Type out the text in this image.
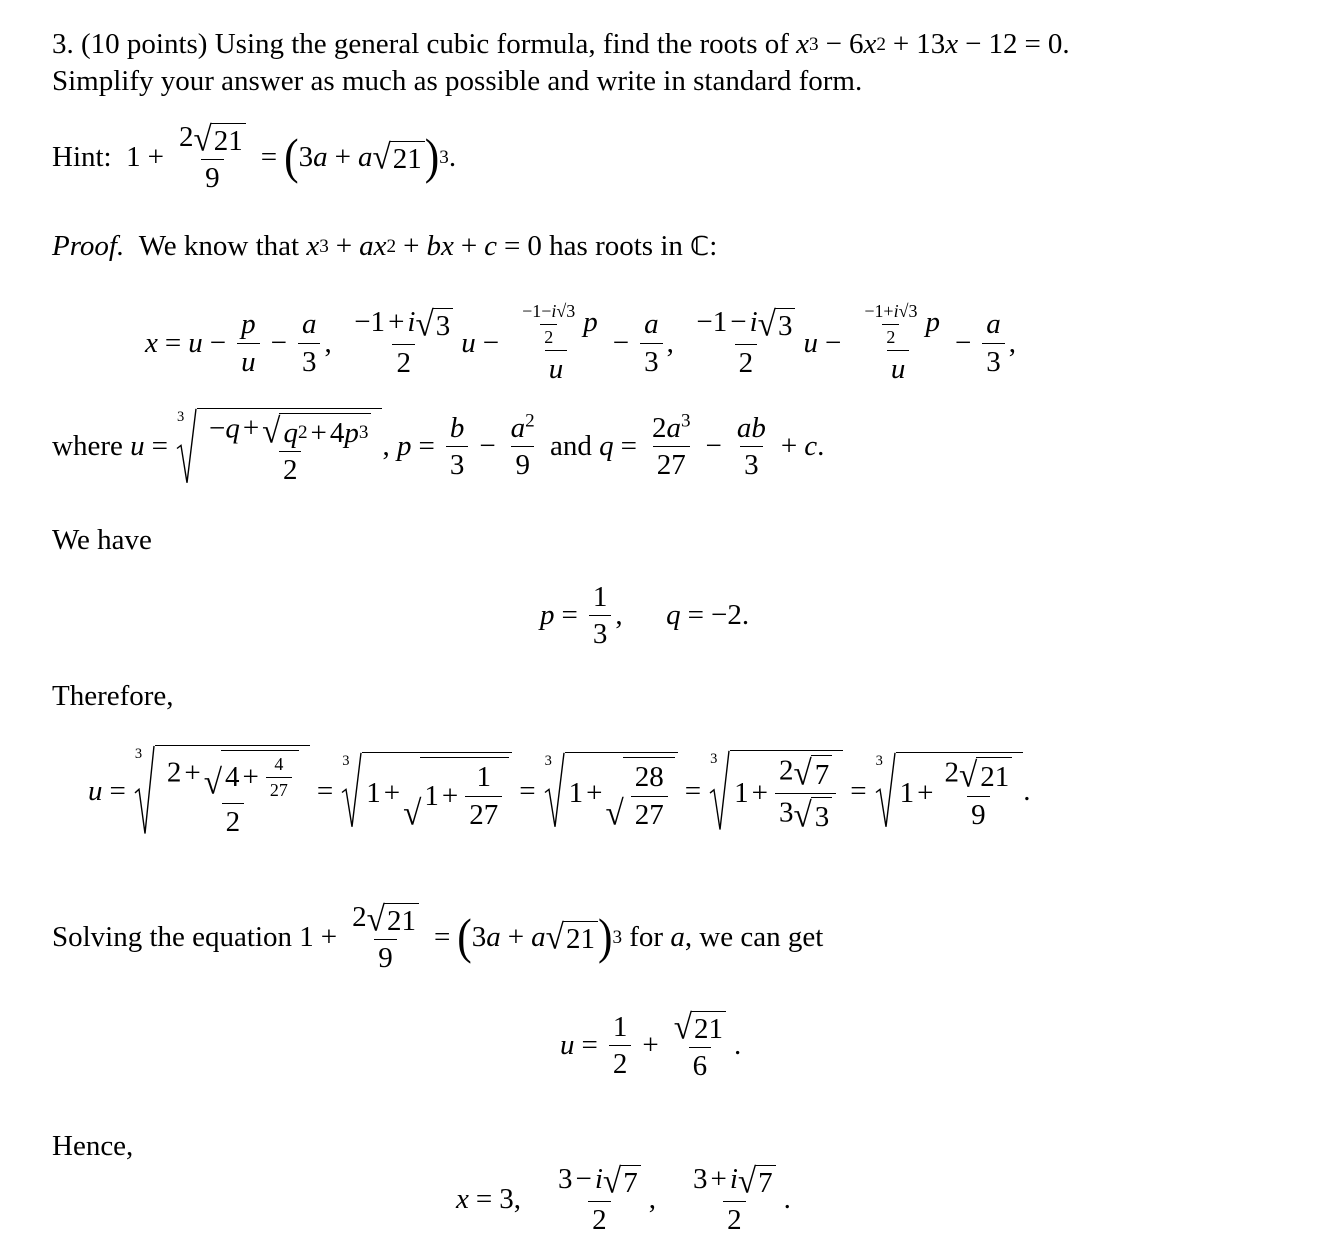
3. (10 points) Using the general cubic formula, find the roots of x 3 − 6 x 2 + 13 x − 12 = 0.
Simplify your answer as much as possible and write in standard form.
Hint: $1 + \frac{2 √ 21}{9}$ = ( 3 a + a √ 21 ) 3 .
Proof.  We know that x 3 + ax 2 + bx + c = 0 has roots in ℂ:
$x = u - \frac{p}{u} - \frac{a}{3}$ , $\frac{-1 + i √ 3}{2}$ $u - \frac{\frac{-1-i√3}{2} p}{u} - \frac{a}{3}$ , $\frac{-1 - i √ 3}{2}$ $u - \frac{\frac{-1+i√3}{2} p}{u} - \frac{a}{3}$ ,
where u =
$3 \frac{-q + √ q 2 + 4 p 3}{2}$ , $p = \frac{b}{3} - \frac{a^2}{9}$ and $q = \frac{2a^3}{27} - \frac{ab}{3} + c$ .
We have
$p = \frac{1}{3}$ , q = −2.
Therefore,
u =
$3 \frac{2 + √ 4 + \frac{4}{27}}{2}$ =
3
1 +
√ $1 + \frac{1}{27}$ =
3
1 +
√ $\frac{28}{27}$ =
3
$1 + \frac{2 √ 7}{3 √ 3}$ =
3
$1 + \frac{2 √ 21}{9}$ .
Solving the equation $1 + \frac{2 √ 21}{9}$ = ( 3 a + a √ 21 ) 3 for a , we can get
$u = \frac{1}{2} + \frac{√ 21}{6}$ .
Hence,
x = 3, $\frac{3 - i √ 7}{2}$ , $\frac{3 + i √ 7}{2}$ .
